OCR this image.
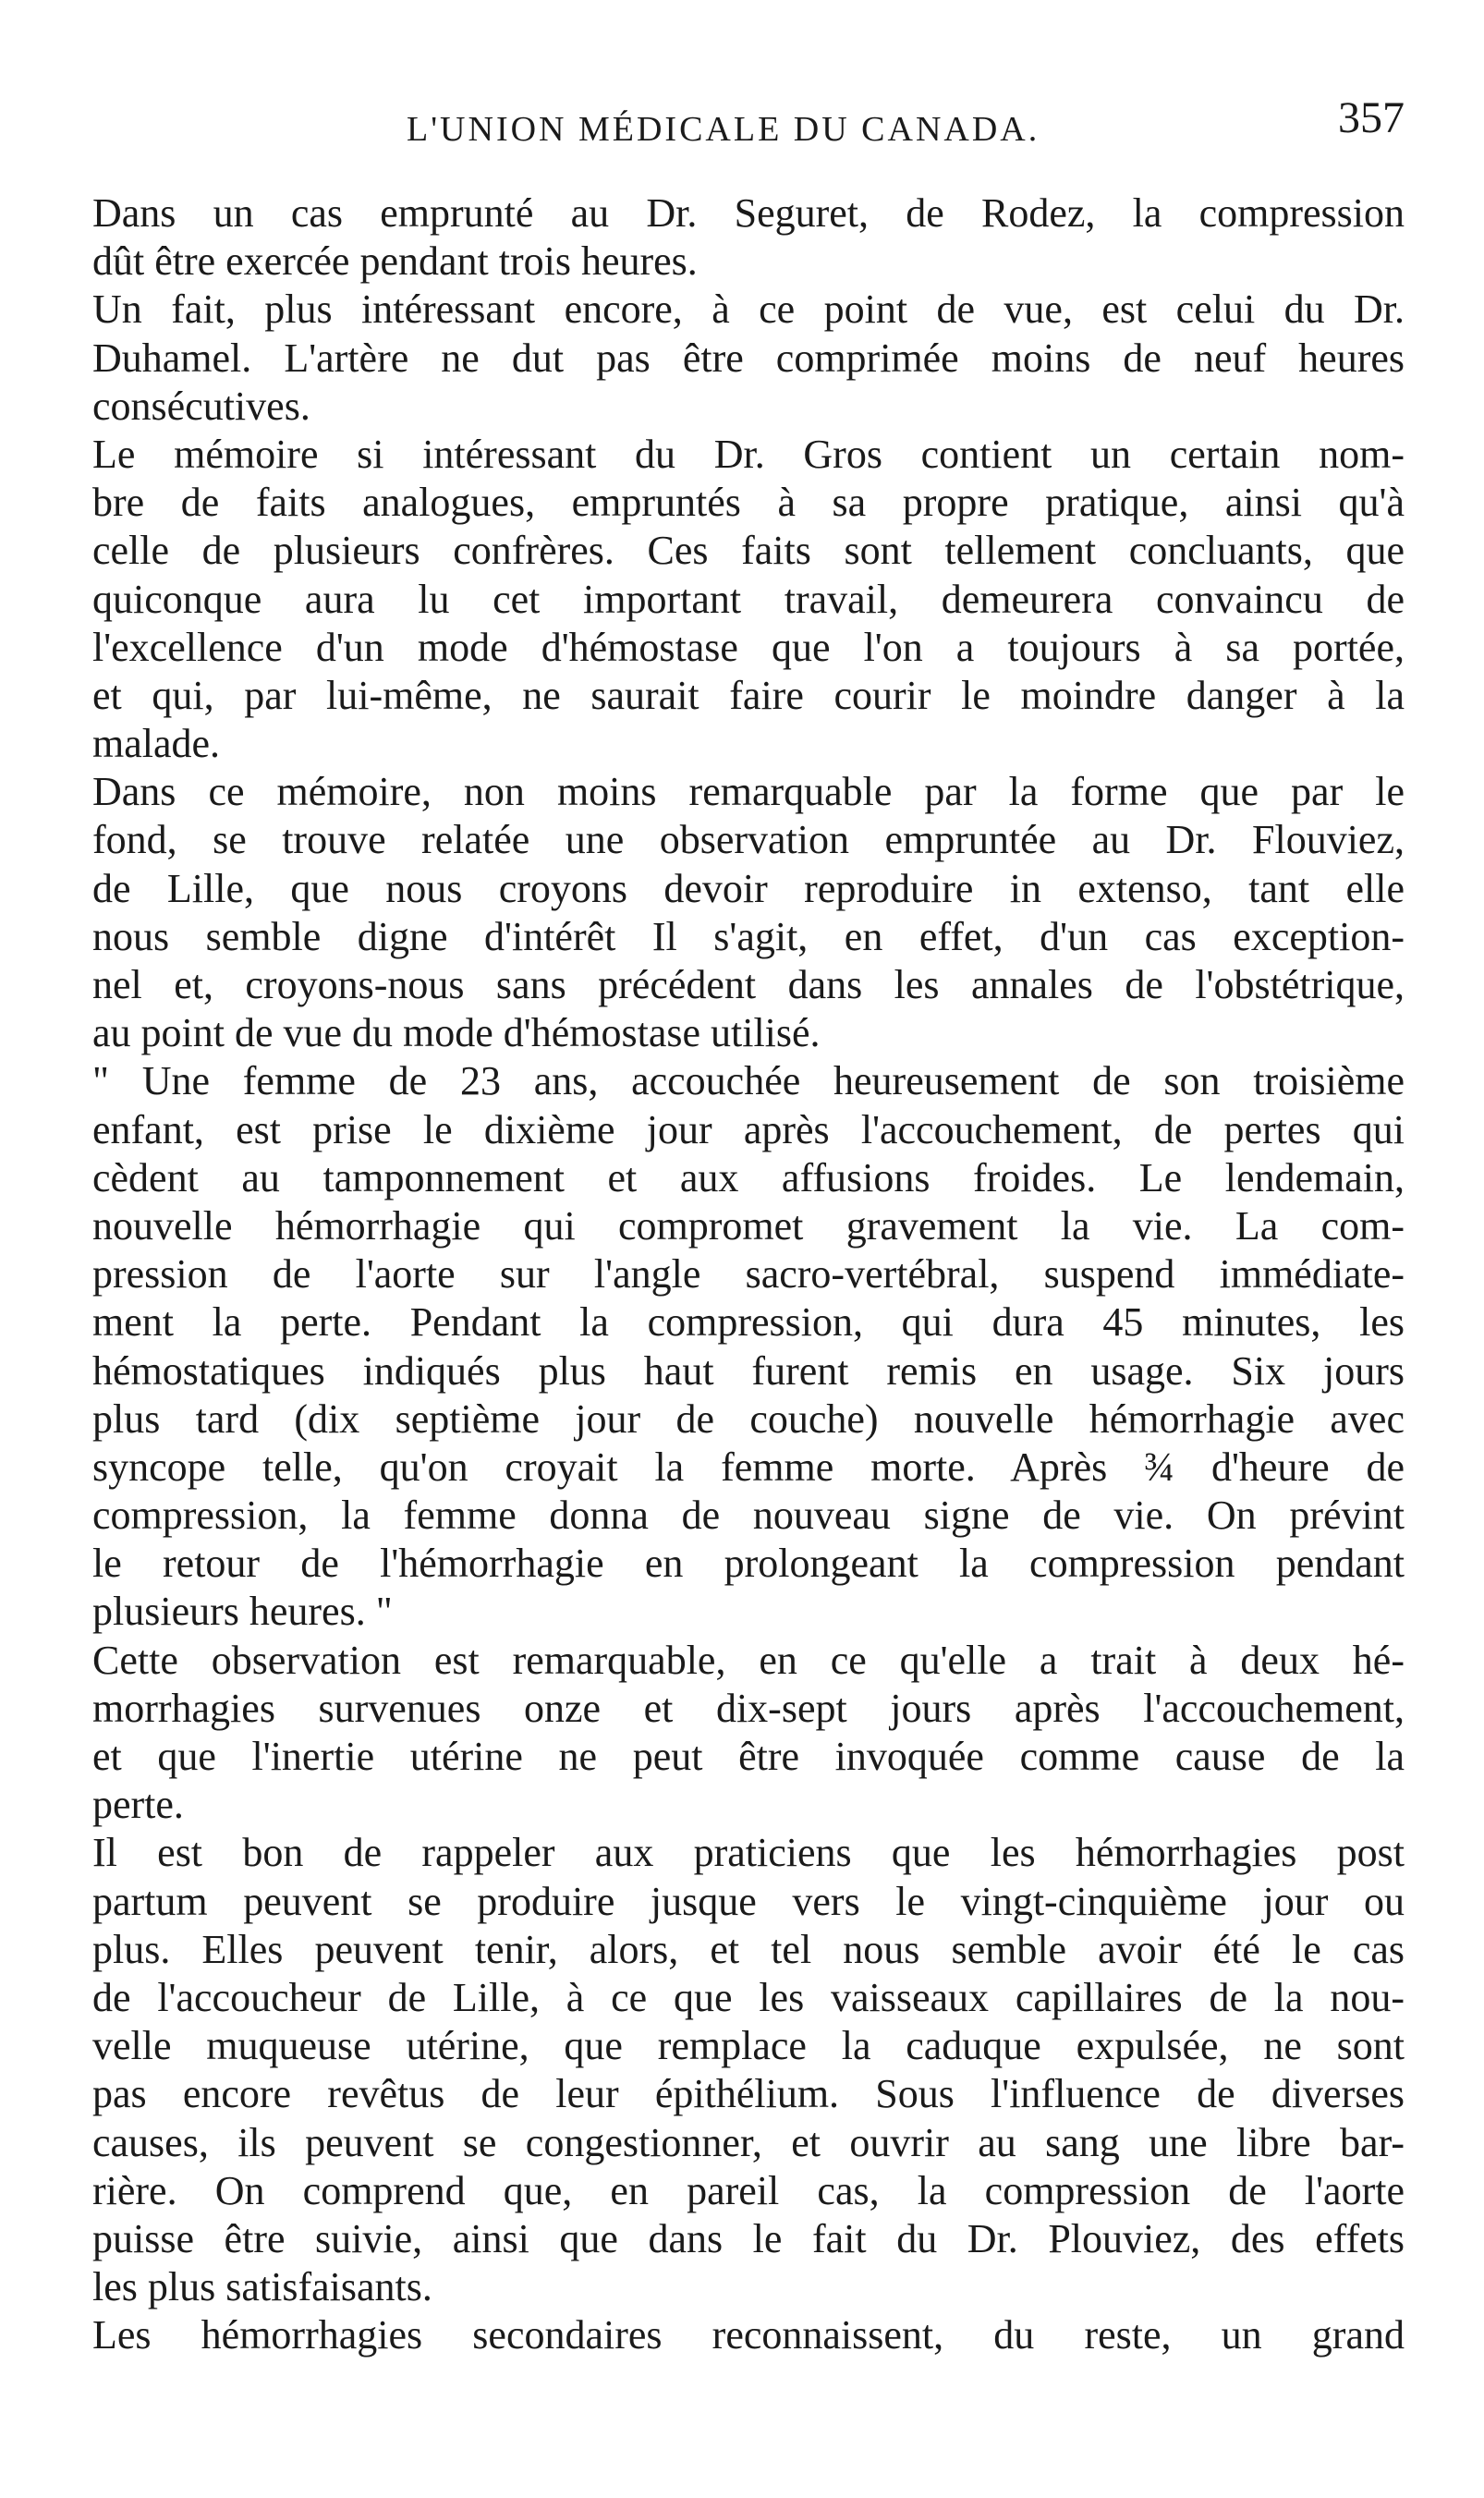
L'UNION MÉDICALE DU CANADA.	357
Dans un cas emprunté au Dr. Seguret, de Rodez, la compression
dût être exercée pendant trois heures.
Un fait, plus intéressant encore, à ce point de vue, est celui du Dr.
Duhamel. L'artère ne dut pas être comprimée moins de neuf heures
consécutives.
Le mémoire si intéressant du Dr. Gros contient un certain nom-
bre de faits analogues, empruntés à sa propre pratique, ainsi qu'à
celle de plusieurs confrères. Ces faits sont tellement concluants, que
quiconque aura lu cet important travail, demeurera convaincu de
l'excellence d'un mode d'hémostase que l'on a toujours à sa portée,
et qui, par lui-même, ne saurait faire courir le moindre danger à la
malade.
Dans ce mémoire, non moins remarquable par la forme que par le
fond, se trouve relatée une observation empruntée au Dr. Flouviez,
de Lille, que nous croyons devoir reproduire in extenso, tant elle
nous semble digne d'intérêt Il s'agit, en effet, d'un cas exception-
nel et, croyons-nous sans précédent dans les annales de l'obstétrique,
au point de vue du mode d'hémostase utilisé.
" Une femme de 23 ans, accouchée heureusement de son troisième
enfant, est prise le dixième jour après l'accouchement, de pertes qui
cèdent au tamponnement et aux affusions froides. Le lendemain,
nouvelle hémorrhagie qui compromet gravement la vie. La com-
pression de l'aorte sur l'angle sacro-vertébral, suspend immédiate-
ment la perte. Pendant la compression, qui dura 45 minutes, les
hémostatiques indiqués plus haut furent remis en usage. Six jours
plus tard (dix septième jour de couche) nouvelle hémorrhagie avec
syncope telle, qu'on croyait la femme morte. Après ¾ d'heure de
compression, la femme donna de nouveau signe de vie. On prévint
le retour de l'hémorrhagie en prolongeant la compression pendant
plusieurs heures. "
Cette observation est remarquable, en ce qu'elle a trait à deux hé-
morrhagies survenues onze et dix-sept jours après l'accouchement,
et que l'inertie utérine ne peut être invoquée comme cause de la
perte.
Il est bon de rappeler aux praticiens que les hémorrhagies post
partum peuvent se produire jusque vers le vingt-cinquième jour ou
plus. Elles peuvent tenir, alors, et tel nous semble avoir été le cas
de l'accoucheur de Lille, à ce que les vaisseaux capillaires de la nou-
velle muqueuse utérine, que remplace la caduque expulsée, ne sont
pas encore revêtus de leur épithélium. Sous l'influence de diverses
causes, ils peuvent se congestionner, et ouvrir au sang une libre bar-
rière. On comprend que, en pareil cas, la compression de l'aorte
puisse être suivie, ainsi que dans le fait du Dr. Plouviez, des effets
les plus satisfaisants.
Les hémorrhagies secondaires reconnaissent, du reste, un grand
